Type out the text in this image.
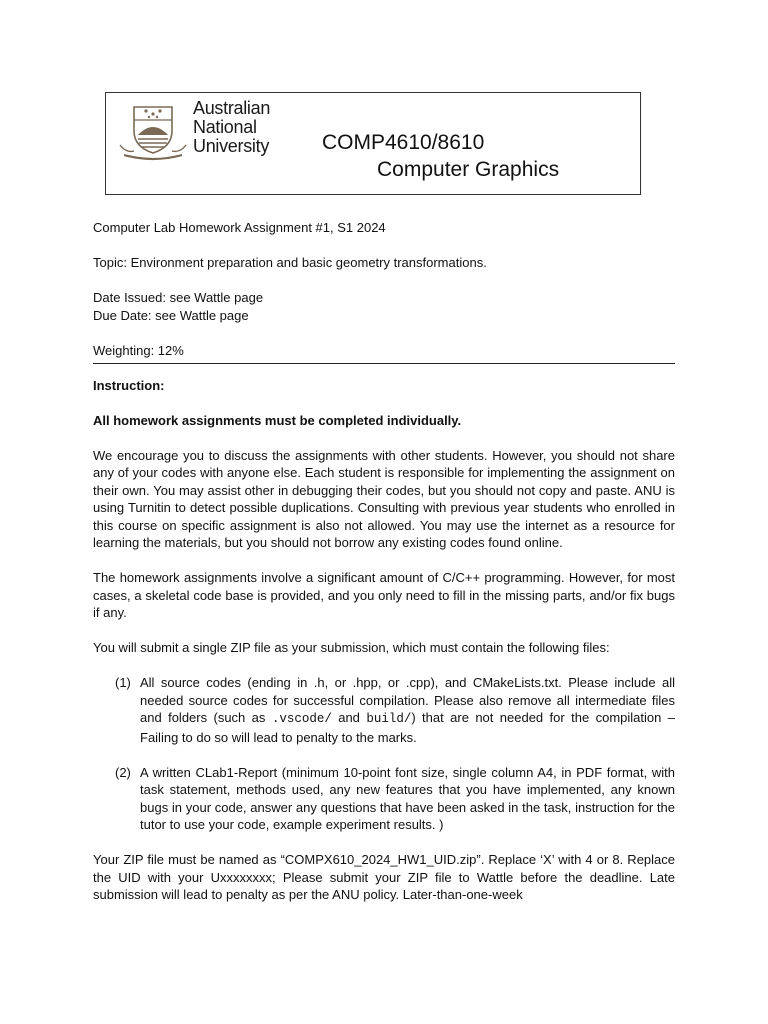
Australian
National
University	COMP4610/8610
Computer Graphics

Computer Lab Homework Assignment #1, S1 2024

Topic: Environment preparation and basic geometry transformations.

Date Issued: see Wattle page
Due Date: see Wattle page

Weighting: 12%

Instruction:

All homework assignments must be completed individually.

We encourage you to discuss the assignments with other students. However, you should not share any of your codes with anyone else. Each student is responsible for implementing the assignment on their own. You may assist other in debugging their codes, but you should not copy and paste. ANU is using Turnitin to detect possible duplications. Consulting with previous year students who enrolled in this course on specific assignment is also not allowed. You may use the internet as a resource for learning the materials, but you should not borrow any existing codes found online.

The homework assignments involve a significant amount of C/C++ programming. However, for most cases, a skeletal code base is provided, and you only need to fill in the missing parts, and/or fix bugs if any.

You will submit a single ZIP file as your submission, which must contain the following files:

(1) All source codes (ending in .h, or .hpp, or .cpp), and CMakeLists.txt. Please include all needed source codes for successful compilation. Please also remove all intermediate files and folders (such as .vscode/ and build/) that are not needed for the compilation – Failing to do so will lead to penalty to the marks.
(2) A written CLab1-Report (minimum 10-point font size, single column A4, in PDF format, with task statement, methods used, any new features that you have implemented, any known bugs in your code, answer any questions that have been asked in the task, instruction for the tutor to use your code, example experiment results. )

Your ZIP file must be named as “COMPX610_2024_HW1_UID.zip”. Replace ‘X’ with 4 or 8. Replace the UID with your Uxxxxxxxx; Please submit your ZIP file to Wattle before the deadline. Late submission will lead to penalty as per the ANU policy. Later-than-one-week
